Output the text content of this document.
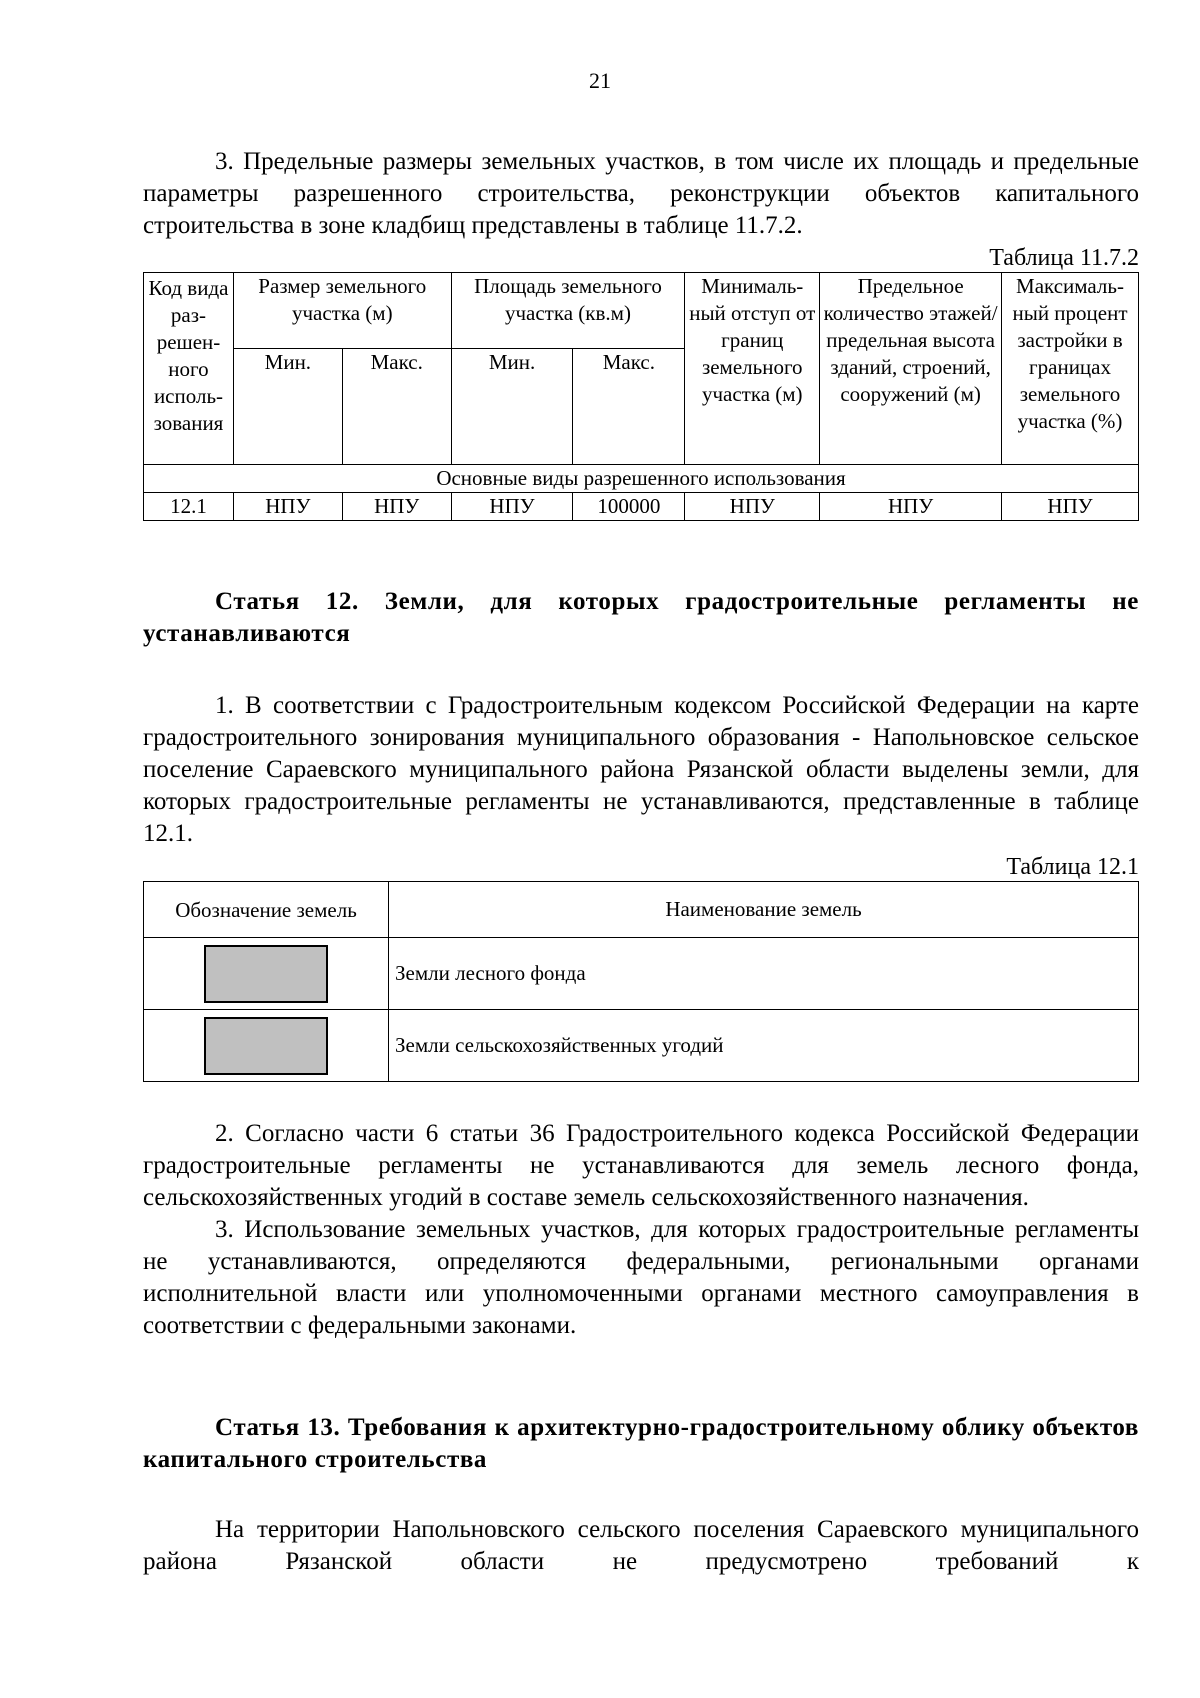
21

3. Предельные размеры земельных участков, в том числе их площадь и предельные параметры разрешенного строительства, реконструкции объектов капитального строительства в зоне кладбищ представлены в таблице 11.7.2.

Таблица 11.7.2
Код вида раз-решен-ного исполь-зования	Размер земельного участка (м)		Площадь земельного участка (кв.м)		Минималь-ный отступ от границ земельного участка (м)	Предельное количество этажей/ предельная высота зданий, строений, сооружений (м)	Максималь-ный процент застройки в границах земельного участка (%)
	Мин.	Макс.	Мин.	Макс.			
Основные виды разрешенного использования							
12.1	НПУ	НПУ	НПУ	100000	НПУ	НПУ	НПУ

Статья 12. Земли, для которых градостроительные регламенты не устанавливаются

1. В соответствии с Градостроительным кодексом Российской Федерации на карте градостроительного зонирования муниципального образования - Напольновское сельское поселение Сараевского муниципального района Рязанской области выделены земли, для которых градостроительные регламенты не устанавливаются, представленные в таблице 12.1.

Таблица 12.1
Обозначение земель	Наименование земель

	Земли лесного фонда

	Земли сельскохозяйственных угодий

2. Согласно части 6 статьи 36 Градостроительного кодекса Российской Федерации градостроительные регламенты не устанавливаются для земель лесного фонда, сельскохозяйственных угодий в составе земель сельскохозяйственного назначения.

3. Использование земельных участков, для которых градостроительные регламенты не устанавливаются, определяются федеральными, региональными органами исполнительной власти или уполномоченными органами местного самоуправления в соответствии с федеральными законами.

Статья 13. Требования к архитектурно-градостроительному облику объектов капитального строительства

На территории Напольновского сельского поселения Сараевского муниципального района Рязанской области не предусмотрено требований к
